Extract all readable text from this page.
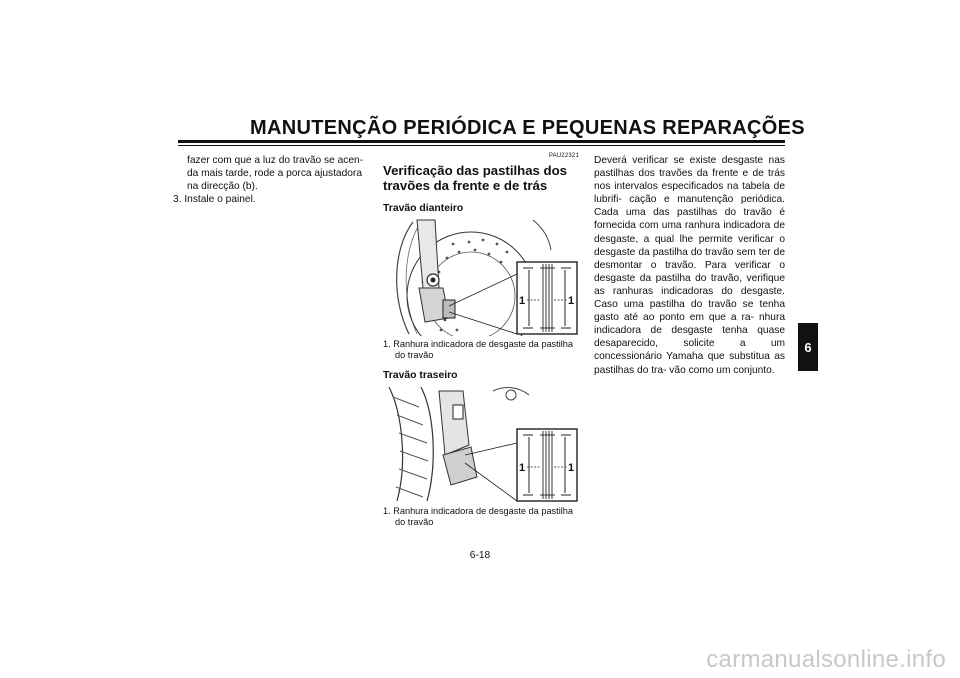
MANUTENÇÃO PERIÓDICA E PEQUENAS REPARAÇÕES
fazer com que a luz do travão se acen-
da mais tarde, rode a porca ajustadora
na direcção (b).
3. Instale o painel.
PAU22321
Verificação das pastilhas dos travões da frente e de trás
Travão dianteiro
1	1
1. Ranhura indicadora de desgaste da pastilha do travão
Travão traseiro
1	1
1. Ranhura indicadora de desgaste da pastilha do travão
Deverá verificar se existe desgaste nas pastilhas dos travões da frente e de trás nos intervalos especificados na tabela de lubrifi- cação e manutenção periódica. Cada uma das pastilhas do travão é fornecida com uma ranhura indicadora de desgaste, a qual lhe permite verificar o desgaste da pastilha do travão sem ter de desmontar o travão. Para verificar o desgaste da pastilha do travão, verifique as ranhuras indicadoras do desgaste. Caso uma pastilha do travão se tenha gasto até ao ponto em que a ra- nhura indicadora de desgaste tenha quase desaparecido, solicite a um concessionário Yamaha que substitua as pastilhas do tra- vão como um conjunto.
6-18
6
carmanualsonline.info
